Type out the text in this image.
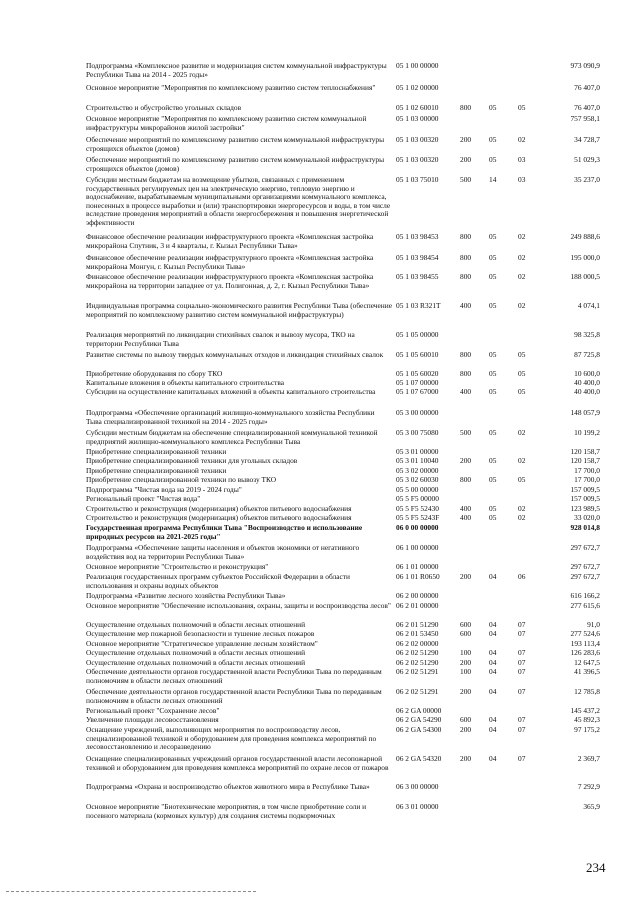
Подпрограмма «Комплексное развитие и модернизация систем коммунальной инфраструктуры Республики Тыва на 2014 - 2025 годы»
05 1 00 00000	973 090,9
Основное мероприятие "Мероприятия по комплексному развитию систем теплоснабжения"	05 1 02 00000	76 407,0
Строительство и обустройство угольных складов	05 1 02 60010	800	05	05	76 407,0
Основное мероприятие "Мероприятия по комплексному развитию систем коммунальной инфраструктуры микрорайонов жилой застройки"
05 1 03 00000	757 958,1
Обеспечение мероприятий по комплексному развитию систем коммунальной инфраструктуры строящихся объектов (домов)
05 1 03 00320	200	05	02	34 728,7
Обеспечение мероприятий по комплексному развитию систем коммунальной инфраструктуры строящихся объектов (домов)
05 1 03 00320	200	05	03	51 029,3
Субсидии местным бюджетам на возмещение убытков, связанных с применением государственных регулируемых цен на электрическую энергию, тепловую энергию и водоснабжение, вырабатываемым муниципальными организациями коммунального комплекса, понесенных в процессе выработки и (или) транспортировки энергоресурсов и воды, в том числе вследствие проведения мероприятий в области энергосбережения и повышения энергетической эффективности
05 1 03 75010	500	14	03	35 237,0
Финансовое обеспечение реализации инфраструктурного проекта «Комплексная застройка микрорайона Спутник, 3 и 4 кварталы, г. Кызыл Республики Тыва»
05 1 03 98453	800	05	02	249 888,6
Финансовое обеспечение реализации инфраструктурного проекта «Комплексная застройка микрорайона Монгун, г. Кызыл Республики Тыва»
05 1 03 98454	800	05	02	195 000,0
Финансовое обеспечение реализации инфраструктурного проекта «Комплексная застройка микрорайона на территории западнее от ул. Полигонная, д. 2, г. Кызыл Республики Тыва»
05 1 03 98455	800	05	02	188 000,5
Индивидуальная программа социально-экономического развития Республики Тыва (обеспечение мероприятий по комплексному развитию систем коммунальной инфраструктуры)
05 1 03 R321T	400	05	02	4 074,1
Реализация мероприятий по ликвидации стихийных свалок и вывозу мусора, ТКО на территории Республики Тыва
05 1 05 00000	98 325,8
Развитие системы по вывозу твердых коммунальных отходов и ликвидация стихийных свалок	05 1 05 60010	800	05	05	87 725,8
Приобретение оборудования по сбору ТКО	05 1 05 60020	800	05	05	10 600,0
Капитальные вложения в объекты капитального строительства	05 1 07 00000	40 400,0
Субсидии на осуществление капитальных вложений в объекты капитального строительства	05 1 07 67000	400	05	05	40 400,0
Подпрограмма «Обеспечение организаций жилищно-коммунального хозяйства Республики Тыва специализированной техникой на 2014 - 2025 годы»
05 3 00 00000	148 057,9
Субсидии местным бюджетам на обеспечение специализированной коммунальной техникой предприятий жилищно-коммунального комплекса Республики Тыва
05 3 00 75080	500	05	02	10 199,2
Приобретение специализированной техники	05 3 01 00000	120 158,7
Приобретение специализированной техники для угольных складов	05 3 01 10040	200	05	02	120 158,7
Приобретение специализированной техники	05 3 02 00000	17 700,0
Приобретение специализированной техники по вывозу ТКО	05 3 02 60030	800	05	05	17 700,0
Подпрограмма "Чистая вода на 2019 - 2024 годы"	05 5 00 00000	157 009,5
Региональный проект "Чистая вода"	05 5 F5 00000	157 009,5
Строительство и реконструкция (модернизация) объектов питьевого водоснабжения	05 5 F5 52430	400	05	02	123 989,5
Строительство и реконструкция (модернизация) объектов питьевого водоснабжения	05 5 F5 5243F	400	05	02	33 020,0
Государственная программа Республики Тыва "Воспроизводство и использование природных ресурсов на 2021-2025 годы"
06 0 00 00000	928 014,8
Подпрограмма «Обеспечение защиты населения и объектов экономики от негативного воздействия вод на территории Республики Тыва»
06 1 00 00000	297 672,7
Основное мероприятие "Строительство и реконструкция"	06 1 01 00000	297 672,7
Реализация государственных программ субъектов Российской Федерации в области использования и охраны водных объектов
06 1 01 R0650	200	04	06	297 672,7
Подпрограмма «Развитие лесного хозяйства Республики Тыва»	06 2 00 00000	616 166,2
Основное мероприятие "Обеспечение использования, охраны, защиты и воспроизводства лесов" 06 2 01 00000	277 615,6
Осуществление отдельных полномочий в области лесных отношений	06 2 01 51290	600	04	07	91,0
Осуществление мер пожарной безопасности и тушение лесных пожаров	06 2 01 53450	600	04	07	277 524,6
Основное мероприятие "Стратегическое управление лесным хозяйством"	06 2 02 00000	193 113,4
Осуществление отдельных полномочий в области лесных отношений	06 2 02 51290	100	04	07	126 283,6
Осуществление отдельных полномочий в области лесных отношений	06 2 02 51290	200	04	07	12 647,5
Обеспечение деятельности органов государственной власти Республики Тыва по переданным полномочиям в области лесных отношений
06 2 02 51291	100	04	07	41 396,5
Обеспечение деятельности органов государственной власти Республики Тыва по переданным полномочиям в области лесных отношений
06 2 02 51291	200	04	07	12 785,8
Региональный проект "Сохранение лесов"	06 2 GA 00000	145 437,2
Увеличение площади лесовосстановления	06 2 GA 54290	600	04	07	45 892,3
Оснащение учреждений, выполняющих мероприятия по воспроизводству лесов, специализированной техникой и оборудованием для проведения комплекса мероприятий по лесовосстановлению и лесоразведению
06 2 GA 54300	200	04	07	97 175,2
Оснащение специализированных учреждений органов государственной власти лесопожарной техникой и оборудованием для проведения комплекса мероприятий по охране лесов от пожаров
06 2 GA 54320	200	04	07	2 369,7
Подпрограмма «Охрана и воспроизводство объектов животного мира в Республике Тыва»	06 3 00 00000	7 292,9
Основное мероприятие "Биотехнические мероприятия, в том числе приобретение соли и посевного материала (кормовых культур) для создания системы подкормочных
06 3 01 00000	365,9
234
